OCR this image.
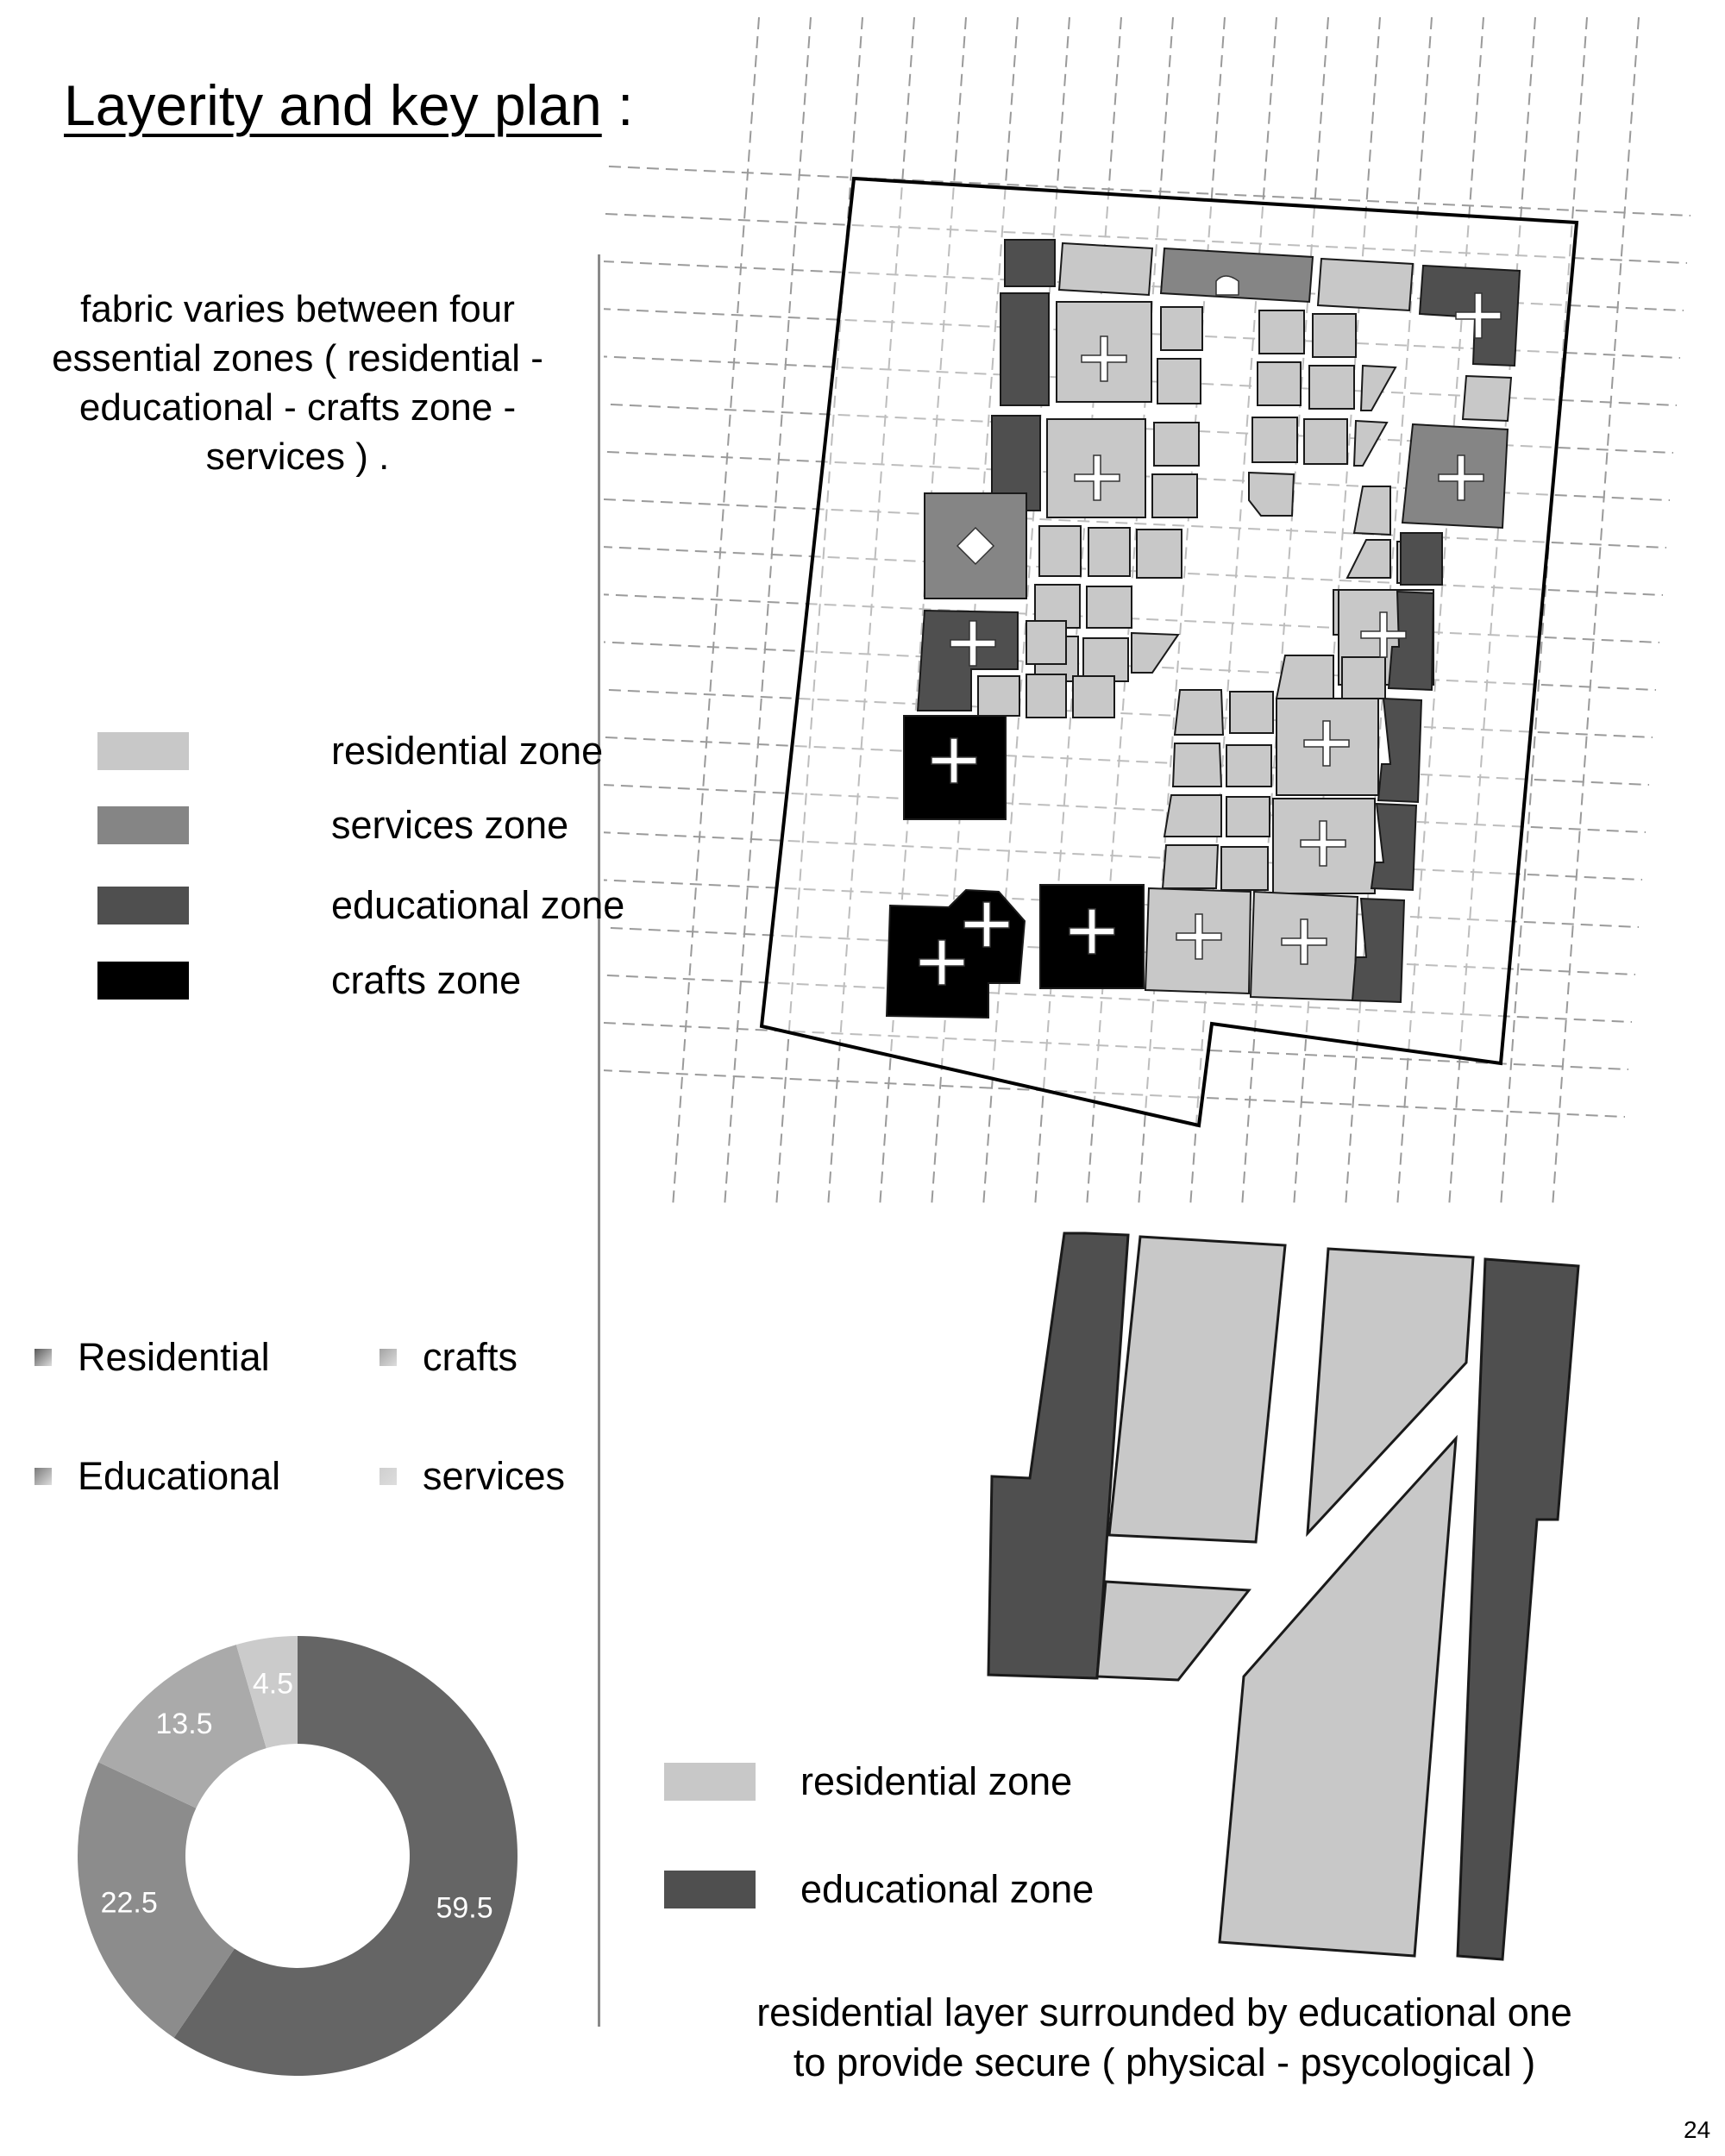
Layerity and key plan :
fabric varies between four
essential zones ( residential -
educational - crafts zone -
services ) .
residential zone
services zone
educational zone
crafts zone
Residential	crafts
Educational	services
59.5
22.5
13.5
4.5
residential zone
educational zone
residential layer surrounded by educational one
to provide secure ( physical - psycological )
24
